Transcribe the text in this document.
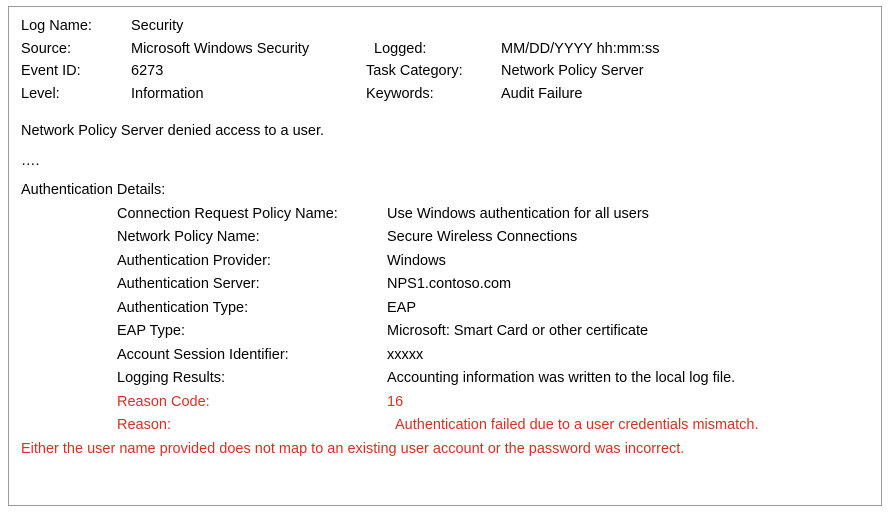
Log Name:	Security
Source:	Microsoft Windows Security	Logged:	MM/DD/YYYY hh:mm:ss
Event ID:	6273	Task Category:	Network Policy Server
Level:	Information	Keywords:	Audit Failure

Network Policy Server denied access to a user.

….

Authentication Details:

Connection Request Policy Name:	Use Windows authentication for all users
Network Policy Name:	Secure Wireless Connections
Authentication Provider:	Windows
Authentication Server:	NPS1.contoso.com
Authentication Type:	EAP
EAP Type:	Microsoft: Smart Card or other certificate
Account Session Identifier:	xxxxx
Logging Results:	Accounting information was written to the local log file.
Reason Code:	16
Reason:	Authentication failed due to a user credentials mismatch.

Either the user name provided does not map to an existing user account or the password was incorrect.
